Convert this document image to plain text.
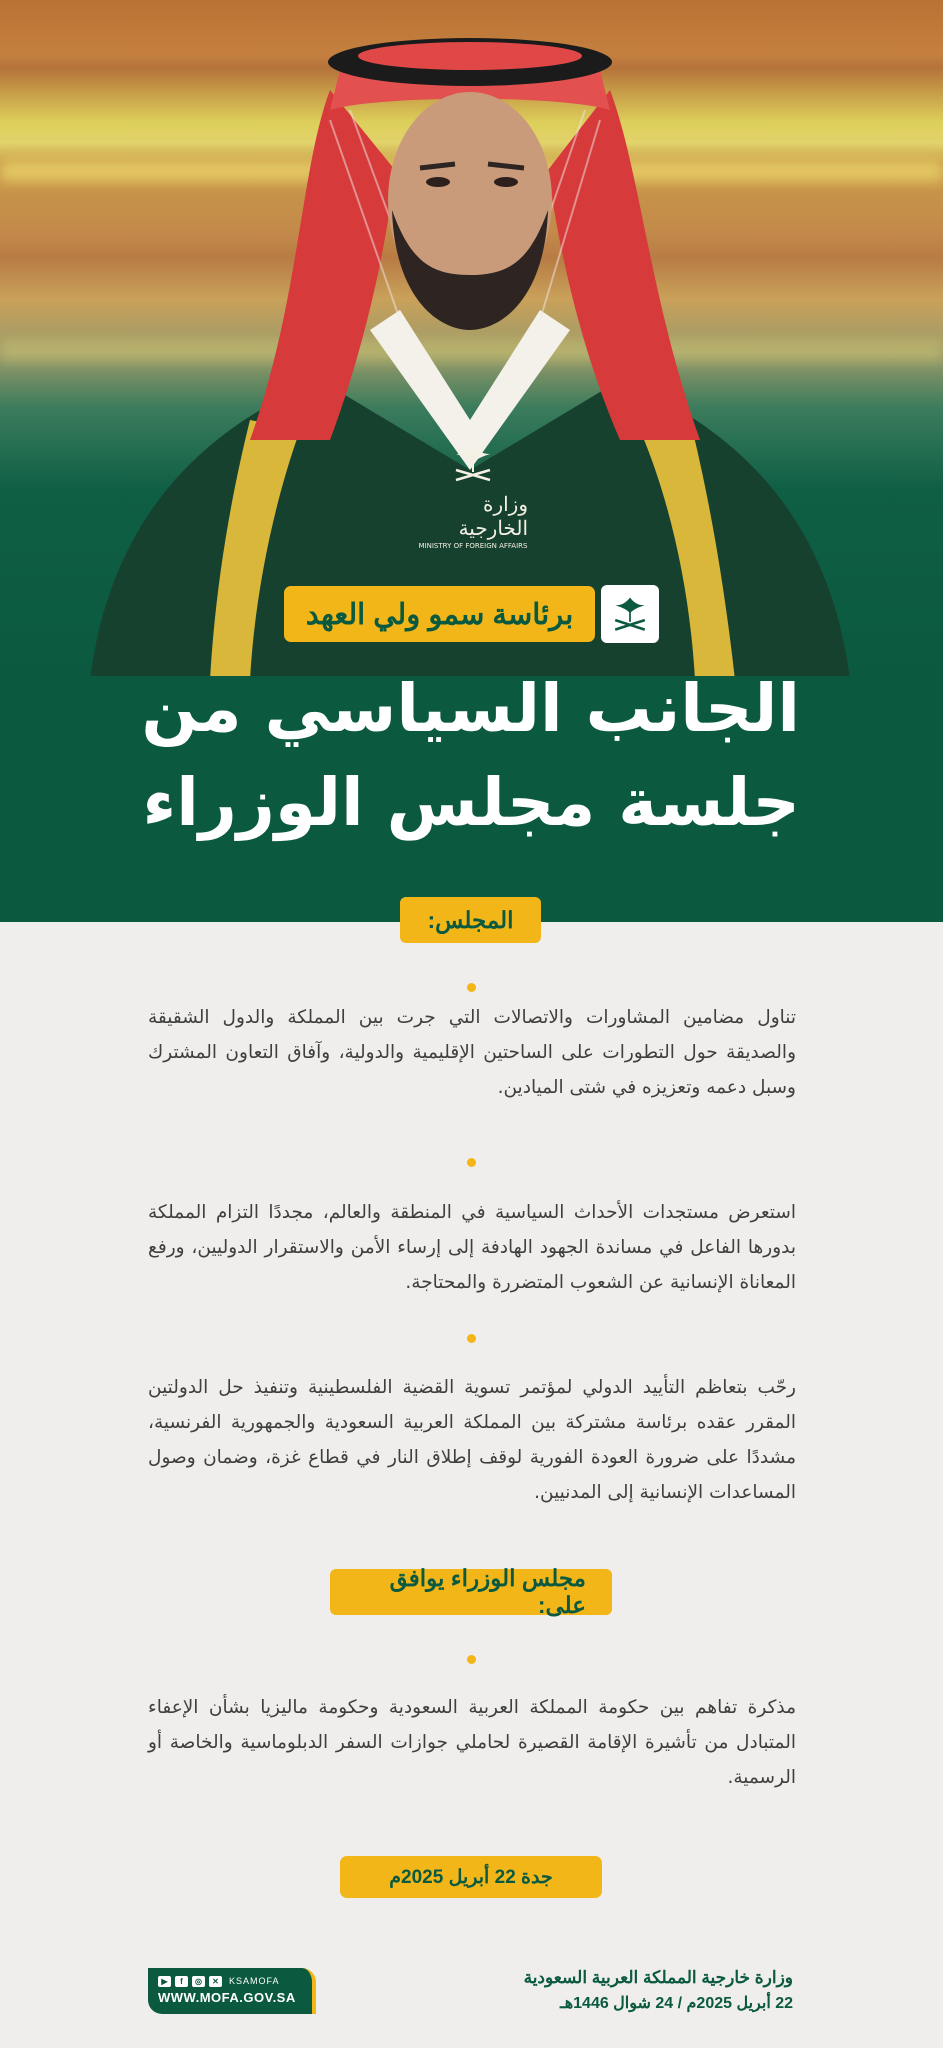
وزارة الخارجية
MINISTRY OF FOREIGN AFFAIRS
برئاسة سمو ولي العهد
الجانب السياسي من
جلسة مجلس الوزراء
المجلس:

تناول مضامين المشاورات والاتصالات التي جرت بين المملكة والدول الشقيقة والصديقة حول التطورات على الساحتين الإقليمية والدولية، وآفاق التعاون المشترك وسبل دعمه وتعزيزه في شتى الميادين.

استعرض مستجدات الأحداث السياسية في المنطقة والعالم، مجددًا التزام المملكة بدورها الفاعل في مساندة الجهود الهادفة إلى إرساء الأمن والاستقرار الدوليين، ورفع المعاناة الإنسانية عن الشعوب المتضررة والمحتاجة.

رحّب بتعاظم التأييد الدولي لمؤتمر تسوية القضية الفلسطينية وتنفيذ حل الدولتين المقرر عقده برئاسة مشتركة بين المملكة العربية السعودية والجمهورية الفرنسية، مشددًا على ضرورة العودة الفورية لوقف إطلاق النار في قطاع غزة، وضمان وصول المساعدات الإنسانية إلى المدنيين.

مجلس الوزراء يوافق على:

مذكرة تفاهم بين حكومة المملكة العربية السعودية وحكومة ماليزيا بشأن الإعفاء المتبادل من تأشيرة الإقامة القصيرة لحاملي جوازات السفر الدبلوماسية والخاصة أو الرسمية.

جدة 22 أبريل 2025م
وزارة خارجية المملكة العربية السعودية
22 أبريل 2025م / 24 شوال 1446هـ
▶	f	◎	✕	KSAMOFA
WWW.MOFA.GOV.SA
